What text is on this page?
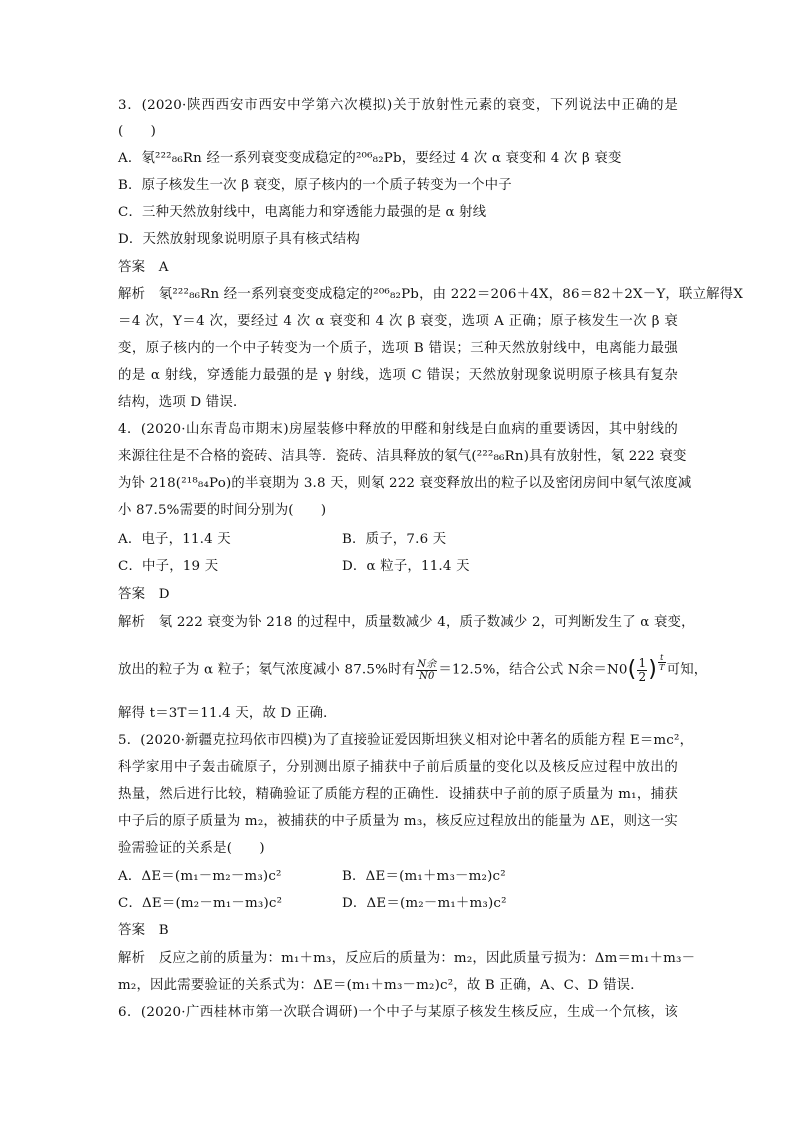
3．(2020·陕西西安市西安中学第六次模拟)关于放射性元素的衰变，下列说法中正确的是
(　　)
A．氡²²²₈₆Rn 经一系列衰变变成稳定的²⁰⁶₈₂Pb，要经过 4 次 α 衰变和 4 次 β 衰变
B．原子核发生一次 β 衰变，原子核内的一个质子转变为一个中子
C．三种天然放射线中，电离能力和穿透能力最强的是 α 射线
D．天然放射现象说明原子具有核式结构
答案　A
解析　氡²²²₈₆Rn 经一系列衰变变成稳定的²⁰⁶₈₂Pb，由 222＝206＋4X，86＝82＋2X－Y，联立解得X
＝4 次，Y＝4 次，要经过 4 次 α 衰变和 4 次 β 衰变，选项 A 正确；原子核发生一次 β 衰
变，原子核内的一个中子转变为一个质子，选项 B 错误；三种天然放射线中，电离能力最强
的是 α 射线，穿透能力最强的是 γ 射线，选项 C 错误；天然放射现象说明原子核具有复杂
结构，选项 D 错误．
4．(2020·山东青岛市期末)房屋装修中释放的甲醛和射线是白血病的重要诱因，其中射线的
来源往往是不合格的瓷砖、洁具等．瓷砖、洁具释放的氡气(²²²₈₆Rn)具有放射性，氡 222 衰变
为钋 218(²¹⁸₈₄Po)的半衰期为 3.8 天，则氡 222 衰变释放出的粒子以及密闭房间中氡气浓度减
小 87.5%需要的时间分别为(　　)
A．电子，11.4 天	B．质子，7.6 天
C．中子，19 天	D．α 粒子，11.4 天
答案　D
解析　氡 222 衰变为钋 218 的过程中，质量数减少 4，质子数减少 2，可判断发生了 α 衰变，
放出的粒子为 α 粒子；氡气浓度减小 87.5%时有 $\frac{\text{N余}}{N0} =12.5\%$，结合公式 N余$=N0( \frac{1}{2}$ ) $\frac{t}{T}$ 可知，
解得 t＝3T＝11.4 天，故 D 正确．
5．(2020·新疆克拉玛依市四模)为了直接验证爱因斯坦狭义相对论中著名的质能方程 E＝mc²，
科学家用中子轰击硫原子，分别测出原子捕获中子前后质量的变化以及核反应过程中放出的
热量，然后进行比较，精确验证了质能方程的正确性．设捕获中子前的原子质量为 m₁，捕获
中子后的原子质量为 m₂，被捕获的中子质量为 m₃，核反应过程放出的能量为 ΔE，则这一实
验需验证的关系是(　　)
A．ΔE＝(m₁－m₂－m₃)c²	B．ΔE＝(m₁＋m₃－m₂)c²
C．ΔE＝(m₂－m₁－m₃)c²	D．ΔE＝(m₂－m₁＋m₃)c²
答案　B
解析　反应之前的质量为：m₁＋m₃，反应后的质量为：m₂，因此质量亏损为：Δm＝m₁＋m₃－
m₂，因此需要验证的关系式为：ΔE＝(m₁＋m₃－m₂)c²，故 B 正确，A、C、D 错误．
6．(2020·广西桂林市第一次联合调研)一个中子与某原子核发生核反应，生成一个氘核，该
